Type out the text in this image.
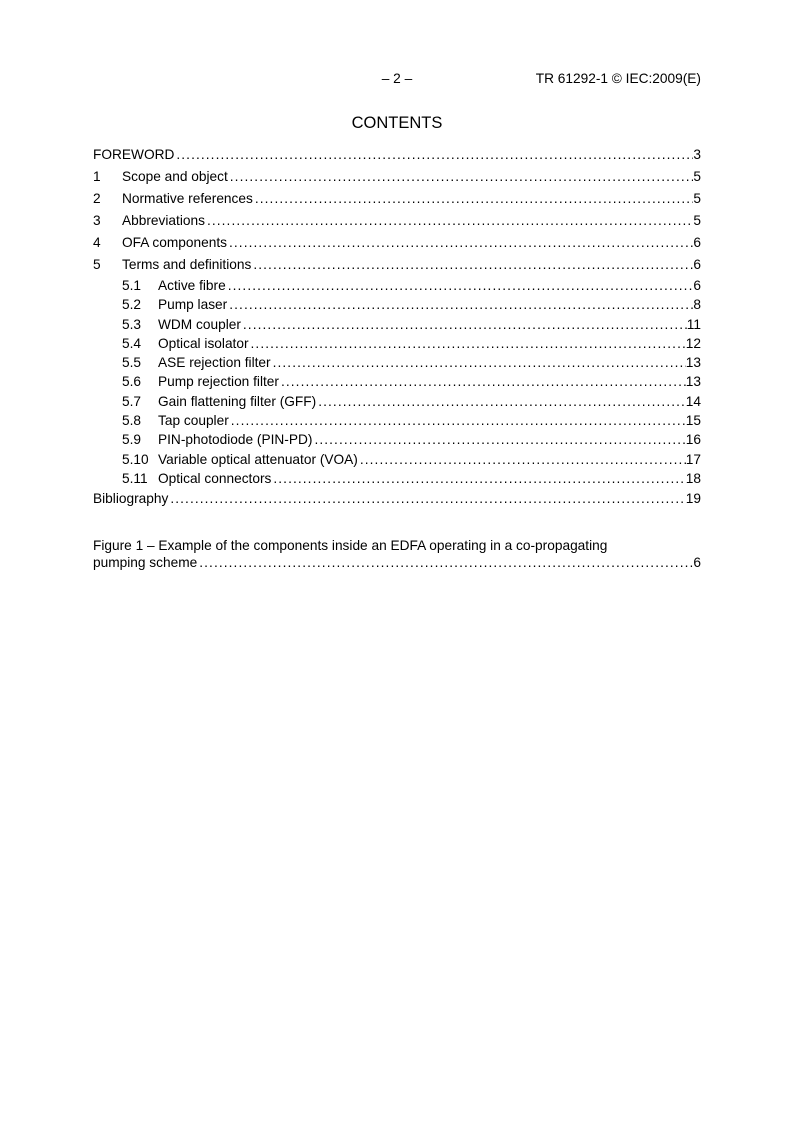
– 2 –	TR 61292-1 © IEC:2009(E)
CONTENTS
FOREWORD .....	3
1	Scope and object .....	5
2	Normative references .....	5
3	Abbreviations .....	5
4	OFA components .....	6
5	Terms and definitions .....	6
5.1	Active fibre .....	6
5.2	Pump laser .....	8
5.3	WDM coupler .....	11
5.4	Optical isolator .....	12
5.5	ASE rejection filter .....	13
5.6	Pump rejection filter .....	13
5.7	Gain flattening filter (GFF) .....	14
5.8	Tap coupler .....	15
5.9	PIN-photodiode (PIN-PD) .....	16
5.10 Variable optical attenuator (VOA) .....	17
5.11 Optical connectors .....	18
Bibliography .....	19
Figure 1 – Example of the components inside an EDFA operating in a co-propagating
pumping scheme .....	6
